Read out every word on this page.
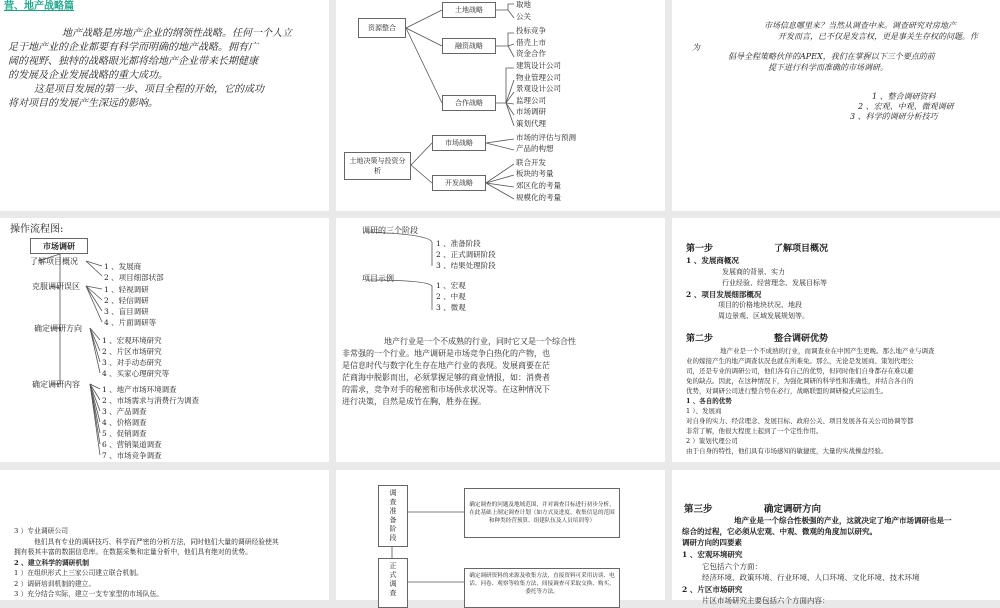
营、地产战略篇
地产战略是房地产企业的纲领性战略。任何一个人立
足于地产业的企业都要有科学而明确的地产战略。拥有广
阔的视野、独特的战略眼光都将给地产企业带来长期健康
的发展及企业发展战略的重大成功。
这是项目发展的第一步、项目全程的开始，它的成功
将对项目的发展产生深远的影响。
资源整合
土地战略
融资战略
合作战略
土地决策与投资分析
市场战略
开发战略
取地
公关
投标竞争
借壳上市
资金合作
建筑设计公司
物业管理公司
景观设计公司
监理公司
市场调研
策划代理
市场的评估与预测
产品的构想
联合开发
板块的考量
郊区化的考量
规模化的考量
市场信息哪里来？当然从调查中来。调查研究对房地产
开发而言，已不仅是发言权，更是事关生存权的问题。作
为
倡导全程策略伙伴的APEX，我们在掌握以下三个要点的前
提下进行科学而准确的市场调研。
1 、整合调研资料
2 、宏观、中观、微观调研
3 、科学的调研分析技巧
操作流程图:
市场调研
了解项目概况
克服调研误区
确定调研方向
确定调研内容
1 、发展商
2 、项目细部状部
1 、轻视调研
2 、轻信调研
3 、盲目调研
4 、片面调研等
1 、宏观环境研究
2 、片区市场研究
3 、对手动态研究
4 、买家心理研究等
1 、地产市场环境调查
2 、市场需求与消费行为调查
3 、产品调查
4 、价格调查
5 、促销调查
6 、营销渠道调查
7 、市场竞争调查
调研的三个阶段
1 、准备阶段
2 、正式调研阶段
3 、结果处理阶段
项目示例
1 、宏观
2 、中观
3 、微观
地产行业是一个不成熟的行业，同时它又是一个综合性
非常强的一个行业。地产调研是市场竞争白热化的产物，也
是信息时代与数字化生存在地产行业的表现。发展商要在茫
茫商海中脱影而出，必须掌握足够的商业情报，如：消费者
的需求，竞争对手的秘密和市场供求状况等。在这种情况下
进行决策，自然是成竹在胸，胜券在握。
第一步	了解项目概况
1 、发展商概况
发展商的背景、实力
行业经验、经营理念、发展目标等
2 、项目发展细部概况
项目的价格地块状况、地段
周边景观、区域发展规划等。
第二步	整合调研优势
地产业是一个不成熟的行业，而调查业在中国产生更晚。那么地产业与调查
业的嫁接产生的地产调查状况也就在所难免。那么，无论是发展商、策划代理公
司，还是专业的调研公司，他们各有自己的优势，但同时他们自身都存在难以避
免的缺点。因此，在这种情况下，为强化调研的科学性和准确性，并结合各自的
优势，对调研公司进行整合势在必行，战略联盟的调研模式应运而生。
1 、各自的优势
1 ）、发展商
对自身的实力、经营理念、发展目标、政府公关、项目发展各有关公司协调等都
非常了解，他很大程度上起到了一个定性作用。
2 ）策划代理公司
由于自身的特性，他们具有市场感知的敏捷度，大量的实战操盘经验。
3 ）专业调研公司
他们具有专业的调研技巧、科学而严密的分析方法，同时他们大量的调研经验使其
拥有极其丰富的数据信息库。在数据采集和定量分析中，他们具有绝对的优势。
2 、建立科学的调研机制
1 ）在组织形式上三家公司建立联合机制。
2 ）调研培训机制的建立。
3 ）充分结合实际，建立一支专家型的市场队伍。
调查准备阶段	确定调查的问题及地域范围，并对调查目标进行初步分析，在此基础上制定调查计划（如方式及进度、收集信息的范围和种类经营预算、组建队伍及人员培训等）
正式调查	确定调研资料的来源及收集方法，直接资料可采用访谈、电话、问卷、观察等收集方法，间接调查可采取交换、购买、委托等方法。
第三步	确定调研方向
地产业是一个综合性极强的产业，这就决定了地产市场调研也是一
综合的过程，它必须从宏观、中观、微观的角度加以研究。
调研方向的四要素
1 、宏观环境研究
它包括六个方面：
经济环境、政策环境、行业环境、人口环境、文化环境、技术环境
2 、片区市场研究
片区市场研究主要包括六个方面内容：
